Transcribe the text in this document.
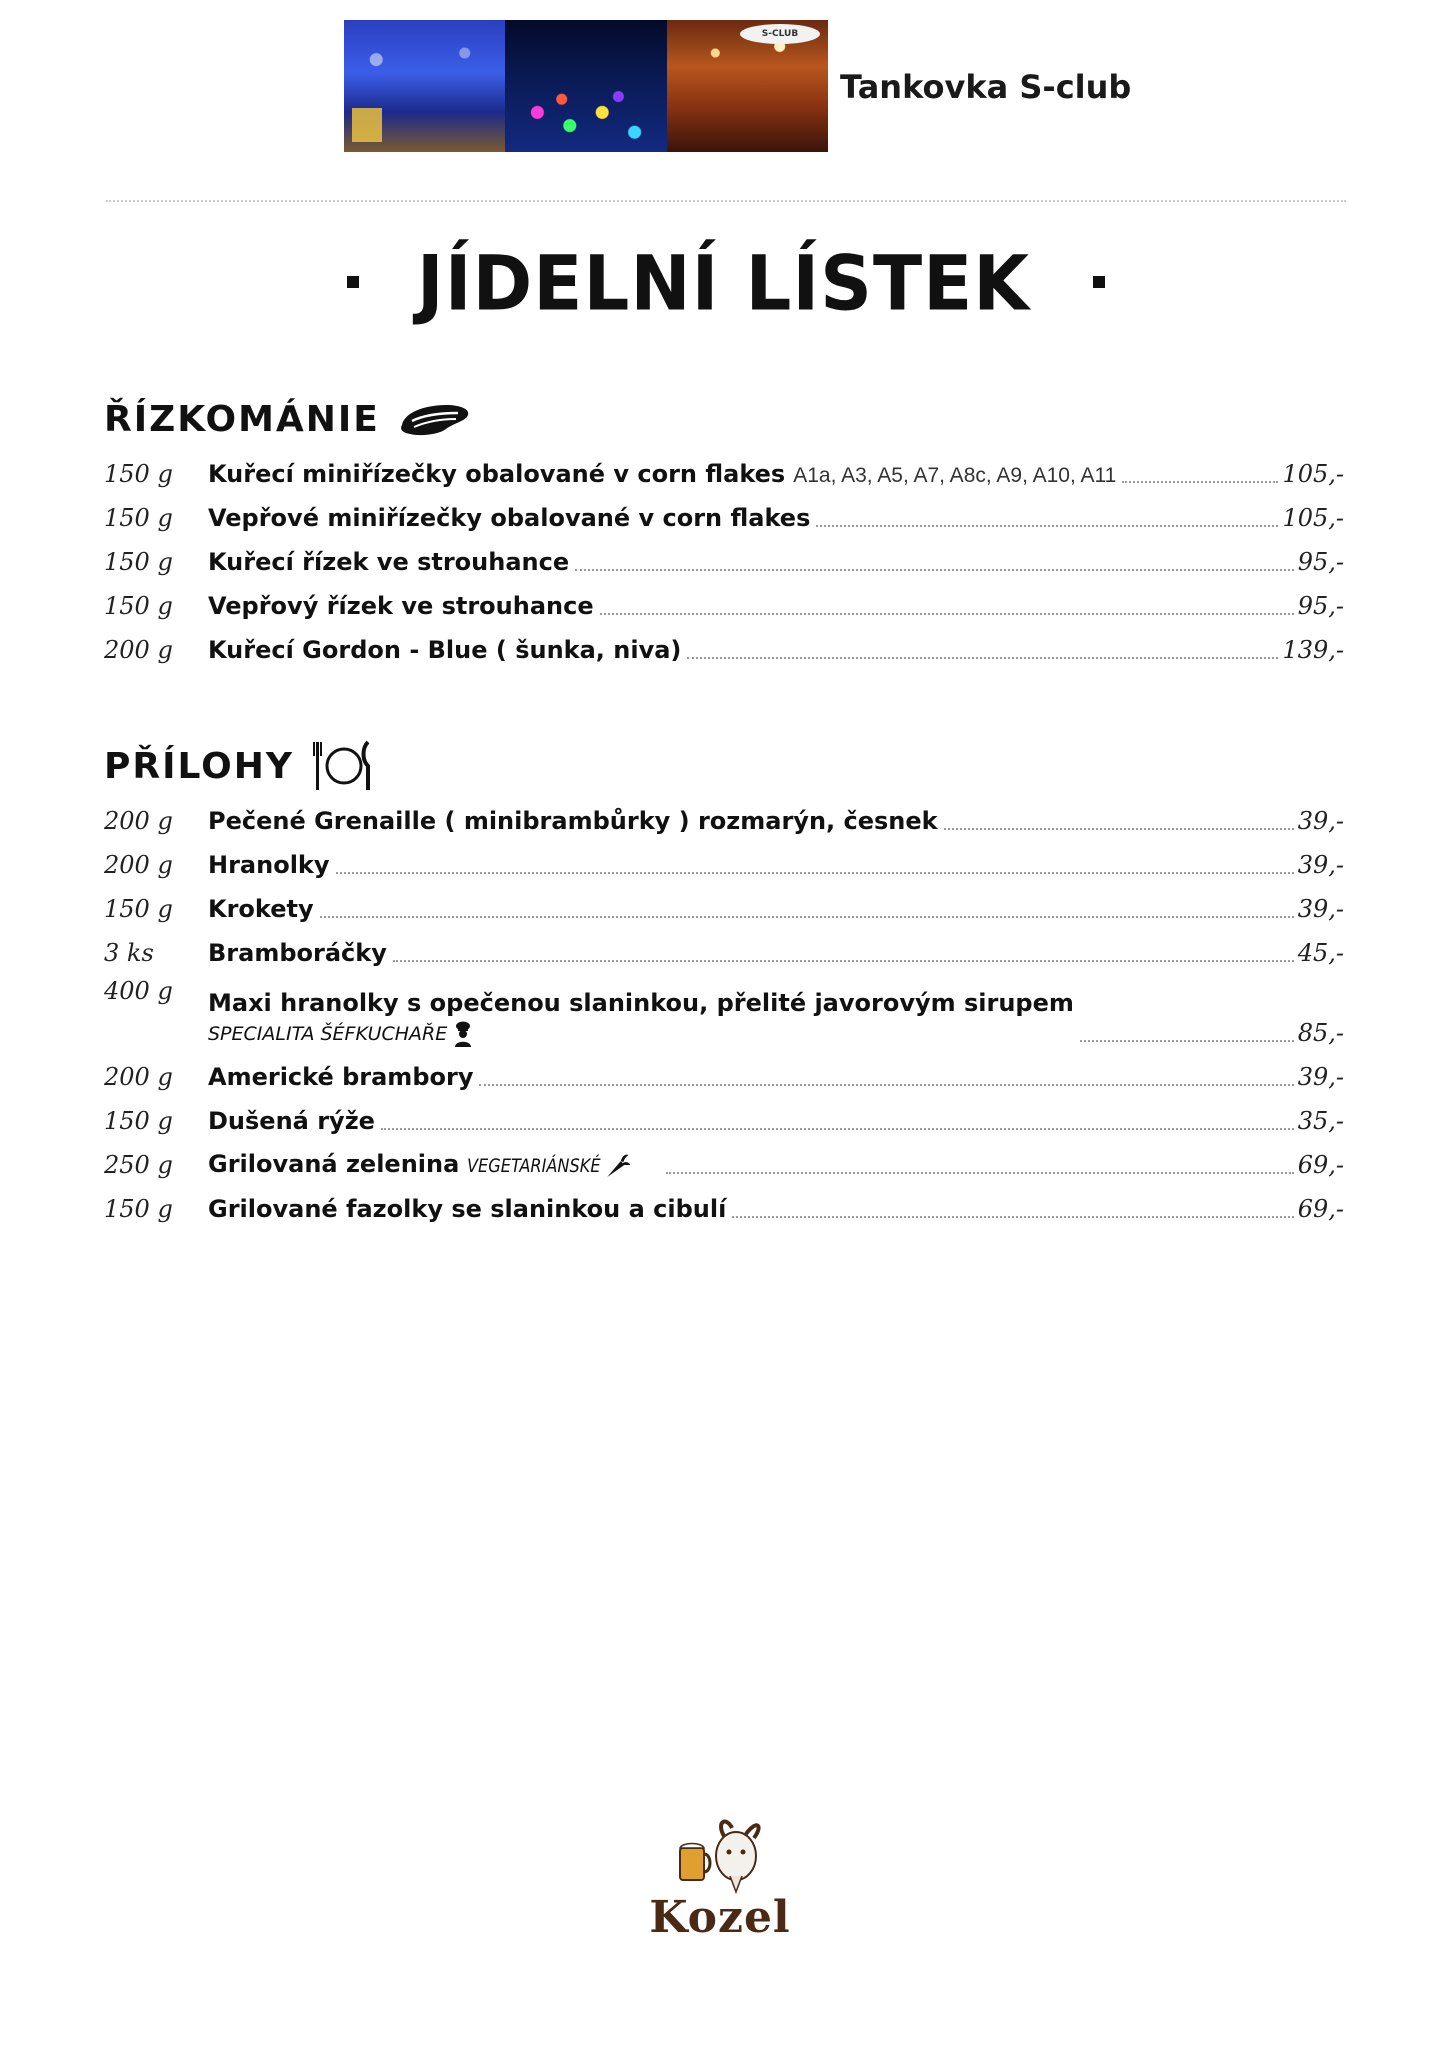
S-CLUB
Tankovka S-club
JÍDELNÍ LÍSTEK
ŘÍZKOMÁNIE
150 g	Kuřecí miniřízečky obalované v corn flakes A1a, A3, A5, A7, A8c, A9, A10, A11	105,-
150 g	Vepřové miniřízečky obalované v corn flakes	105,-
150 g	Kuřecí řízek ve strouhance	95,-
150 g	Vepřový řízek ve strouhance	95,-
200 g	Kuřecí Gordon - Blue ( šunka, niva)	139,-
PŘÍLOHY
200 g	Pečené Grenaille ( minibrambůrky ) rozmarýn, česnek	39,-
200 g	Hranolky	39,-
150 g	Krokety	39,-
3 ks	Bramboráčky	45,-
400 g	Maxi hranolky s opečenou slaninkou, přelité javorovým sirupem
SPECIALITA ŠÉFKUCHAŘE	85,-
200 g	Americké brambory	39,-
150 g	Dušená rýže	35,-
250 g	Grilovaná zelenina VEGETARIÁNSKÉ	69,-
150 g	Grilované fazolky se slaninkou a cibulí	69,-
Kozel
